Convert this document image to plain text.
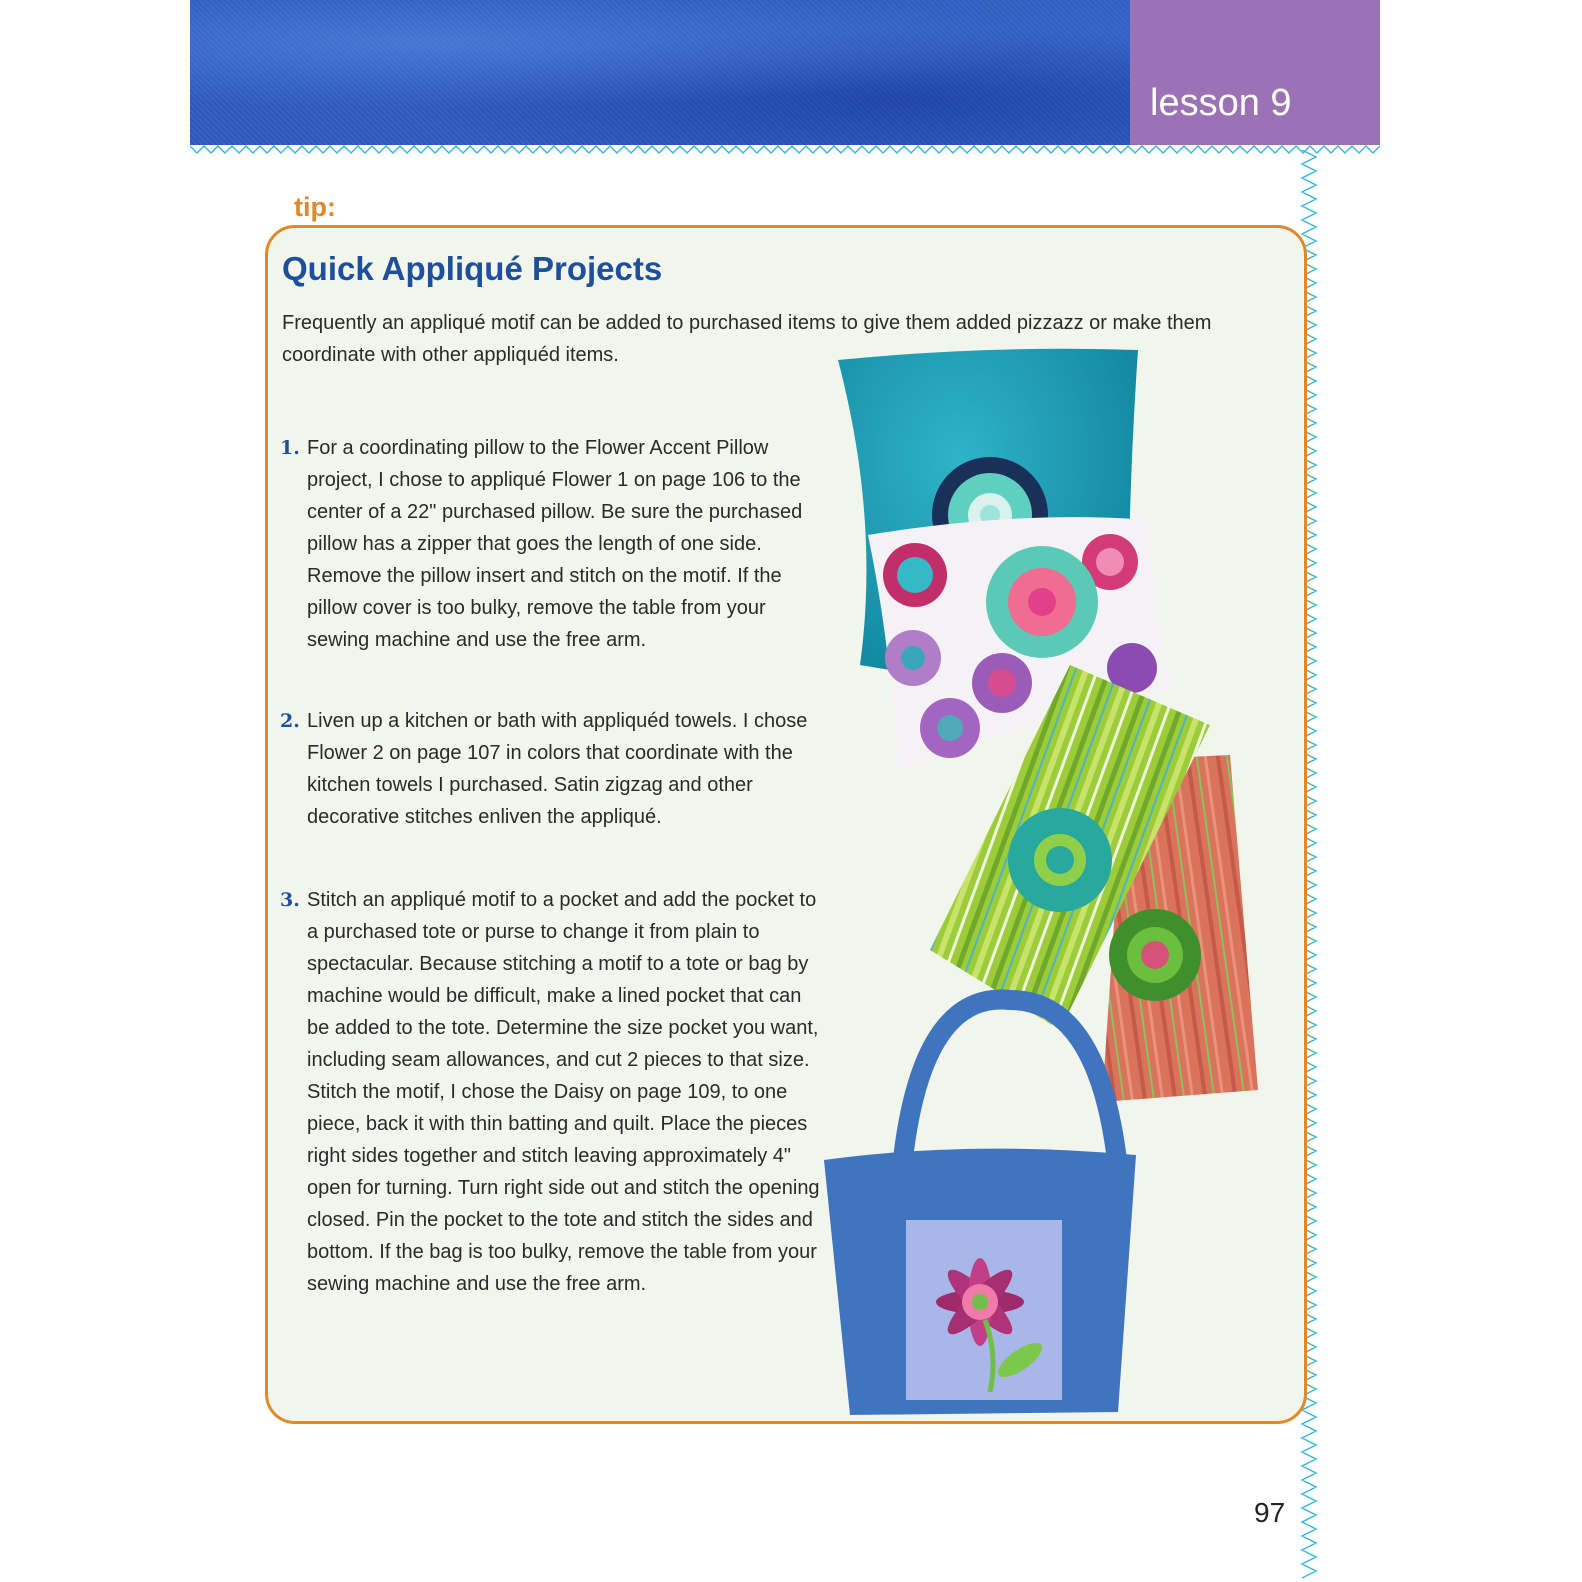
lesson 9
tip:
Quick Appliqué Projects

Frequently an appliqué motif can be added to purchased items to give them added pizzazz or make them coordinate with other appliquéd items.

1. For a coordinating pillow to the Flower Accent Pillow project, I chose to appliqué Flower 1 on page 106 to the center of a 22" purchased pillow. Be sure the purchased pillow has a zipper that goes the length of one side. Remove the pillow insert and stitch on the motif. If the pillow cover is too bulky, remove the table from your sewing machine and use the free arm.

2. Liven up a kitchen or bath with appliquéd towels. I chose Flower 2 on page 107 in colors that coordinate with the kitchen towels I purchased. Satin zigzag and other decorative stitches enliven the appliqué.

3. Stitch an appliqué motif to a pocket and add the pocket to a purchased tote or purse to change it from plain to spectacular. Because stitching a motif to a tote or bag by machine would be difficult, make a lined pocket that can be added to the tote. Determine the size pocket you want, including seam allowances, and cut 2 pieces to that size. Stitch the motif, I chose the Daisy on page 109, to one piece, back it with thin batting and quilt. Place the pieces right sides together and stitch leaving approximately 4" open for turning. Turn right side out and stitch the opening closed. Pin the pocket to the tote and stitch the sides and bottom. If the bag is too bulky, remove the table from your sewing machine and use the free arm.

97
